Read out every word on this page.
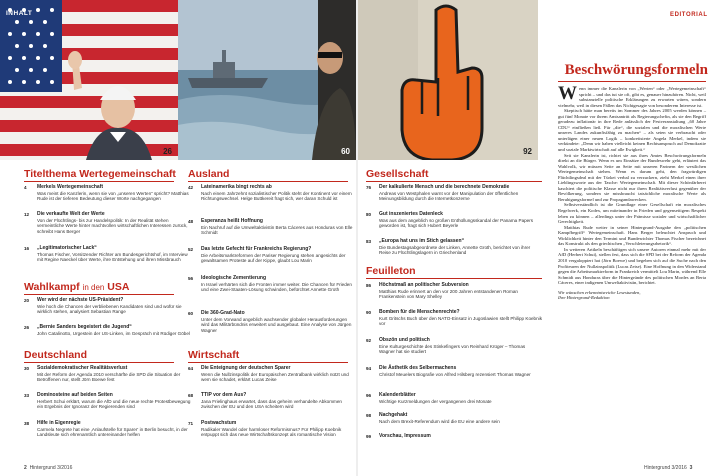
INHALT
26	60	92
EDITORIAL
Titelthema Wertegemeinschaft
4	Merkels Wertegemeinschaft
Was meint die Kanzlerin, wenn sie von „unseren Werten“ spricht? Matthias Rude ist der tieferen Bedeutung dieser Worte nachgegangen
12	Die verkaufte Welt der Werte
Von der Flüchtlings- bis zur Handelspolitik: In der Realität stehen vermeintliche Werte hinter machtvollen wirtschaftlichen Interessen zurück, schreibt Hans Berger
16	„Legitimatorischer Lack“
Thomas Fischer, Vorsitzender Richter am Bundesgerichtshof, im Interview mit Regine Naeckel über Werte, ihre Entstehung und ihren Missbrauch
Wahlkampf in den USA
20	Wer wird der nächste US-Präsident?
Wie hoch die Chancen der verbliebenen Kandidaten sind und wofür sie wirklich stehen, analysiert Sebastian Range
26	„Bernie Sanders begeistert die Jugend“
John Catalinotto, Urgestein der US-Linken, im Gespräch mit Rüdiger Göbel
Deutschland
30	Sozialdemokratischer Realitätsverlust
Mit der Reform der Agenda 2010 verschärfte die SPD die Situation der Betroffenen nur, stellt Jörn Boewe fest
33	Dominosteine auf beiden Seiten
Herbert Schui erklärt, warum die AfD und die neue rechte Protestbewegung ein Ergebnis der Ignoranz der Regierenden sind
38	Hilfe in Eigenregie
Carmela Negrete hat eine ‚Anlaufstelle für Sparer‘ in Berlin besucht, in der Landsleute sich ehrenamtlich untereinander helfen
Ausland
42	Lateinamerika bingt rechts ab
Nach einem Jahrzehnt sozialistischer Politik steht der Kontinent vor einem Richtungswechsel. Helge Buttkereit fragt sich, wer daran Schuld ist
48	Esperanza heißt Hoffnung
Ein Nachruf auf die Umweltaktivistin Berta Cáceres aus Honduras von Elle Schmidt
52	Das letzte Gefecht für Frankreichs Regierung?
Die Arbeitsmarktreformen der Pariser Regierung stehen angesichts der gewaltsamen Proteste auf der Kippe, glaubt Lou Marin
56	Ideologische Zementierung
In Israel verhärten sich die Fronten immer weiter. Die Chancen für Frieden und eine Zwei-Staaten-Lösung schwinden, befürchtet Annette Groth
60	Die 360-Grad-Nato
Unter dem Vorwand angeblich wachsender globaler Herausforderungen wird das Militärbündnis erweitert und ausgebaut. Eine Analyse von Jürgen Wagner
Wirtschaft
64	Die Enteignung der deutschen Sparer
Wenn die Nullzinspolitik der Europäischen Zentralbank wirklich nützt und wem sie schadet, erklärt Lucas Zeise
68	TTIP vor dem Aus?
Jana Frielinghaus erwartet, dass das geheim verhandelte Abkommen zwischen der EU und den USA scheitern wird
71	Postwachstum
Radikaler Wandel oder harmloser Reformismus? Für Philipp Koebnik entpuppt sich das neue Wirtschaftskonzept als romantische Vision
Gesellschaft
76	Der kalkulierte Mensch und die berechnete Demokratie
Andreas von Westphalen warnt vor der Manipulation der öffentlichen Meinungsbildung durch die Internetkonzerne
80	Gut inszeniertes Datenleck
Was aus dem angeblich so großen Enthüllungsskandal der Panama Papers geworden ist, fragt sich Hubert Beyerle
83	„Europa hat uns im Stich gelassen“
Die Bundestagsabgeordnete der Linken, Annette Groth, berichtet von ihrer Reise zu Flüchtlingslagern in Griechenland
Feuilleton
86	Höchstmaß an politischer Subversion
Matthias Rude erinnert an den vor 200 Jahren entstandenen Roman Frankenstein von Mary Shelley
90	Bomben für die Menschenrechte?
Kurt Gritschs Buch über den NATO-Einsatz in Jugoslawien stellt Philipp Koebnik vor
92	Obszön und politisch
Eine Kulturgeschichte des Stinkefingers von Reinhard Krüger – Thomas Wagner hat sie studiert
94	Die Ästhetik des Selbermachens
Christof Meuelers Biografie von Alfred Hilsberg rezensiert Thomas Wagner
96	Kalenderblätter
Wichtige Kurzmeldungen der vergangenen drei Monate
98	Nachgehakt
Nach dem Brexit-Referendum wird die EU eine andere sein
99	Vorschau, Impressum
Beschwörungsformeln

Wenn immer die Kanzlerin von „Werten“ oder „Wertegemeinschaft“ spricht – und das tut sie oft, gibt es, genauer hinzuhören. Nicht, weil substanzielle politische Erklärungen zu erwarten wären, sondern vielmehr, weil in diesen Fällen das Nichtgesagte von besonderem Interesse ist.

Skeptisch hätte man bereits im Sommer des Jahres 2005 werden können – gut fünf Monate vor ihrem Amtsantritt als Regierungschefin, als sie den Begriff geradezu inflationär in ihre Rede anlässlich der Festveranstaltung „60 Jahre CDU“ einfließen ließ. Für „die“, die sozialen und die moralischen Werte unseres Landes zukunftsfähig zu machen“ – als seien sie verbraucht oder unterlägen einer neuen Logik – konkretisierte Angela Merkel, indem sie verkündete: „Denn wir haben vielleicht keinen Rechtsanspruch auf Demokratie und soziale Marktwirtschaft auf alle Ewigkeit.“

Seit sie Kanzlerin ist, richtet sie aus ihres Amtes Beschwörungsformeln direkt an die Bürger. Wenn es um Einsätze der Bundeswehr geht, erläutert das Wahlvolk, wir müssen Seite an Seite mit unseren Partnern der westlichen Wertegemeinschaft stehen. Wenn es darum geht, den fragwürdigen Flüchtlingsdeal mit der Türkei verbal zu verzuckern, zieht Merkel einen ihrer Lieblingsworte aus der Tasche: Wertegemeinschaft. Mit dieser Schönfärberei kaschiert die politische Klasse nicht nur ihren Realitätsverlust gegenüber der Bevölkerung, sondern sie missbraucht tatsächliche moralische Werte als Beruhigungsformel und zur Propagandawecken.

Selbstverständlich ist die Grundlage einer Gesellschaft ein moralisches Regelwerk, ein Kodex, um miteinander in Frieden und gegenseitigem Respekt leben zu können – allerdings unter der Prämisse sozialer und wirtschaftlicher Gerechtigkeit.

Matthias Rude weiter in seiner Hintergrund-Ausgabe den „politischen Kampfbegriff“ Wertegemeinschaft. Hans Berger beleuchtet Anspruch und Wirklichkeit hinter den Termini und Bundesrichter Thomas Fischer bezeichnet das Konstrukt als den griechischen „Verschleierungsrhetorik“.

In weiteren Artikeln beschäftigen sich unsere Autoren einmal mehr mit der AfD (Herbert Schui), stellen fest, dass sich die SPD bei der Reform der Agenda 2010 vergaloppiert hat (Jörn Boewe) und begeben sich auf die Suche nach den Profiteuren der Nullzinspolitik (Lucas Zeise). Eine Hoffnung in den Widerstand gegen die Arbeitsmarktreform in Frankreich vermittelt Lou Marin, während Elle Schmidt aus Honduras über die Hintergründe des politischen Mordes an Berta Cáceres, einer indigenen Umweltaktivistin, berichtet.

Wir wünschen erkenntnisreiche Lesestunden,
Ihre Hintergrund-Redaktion
2 Hintergrund 3/2016	Hintergrund 3/2016 3
